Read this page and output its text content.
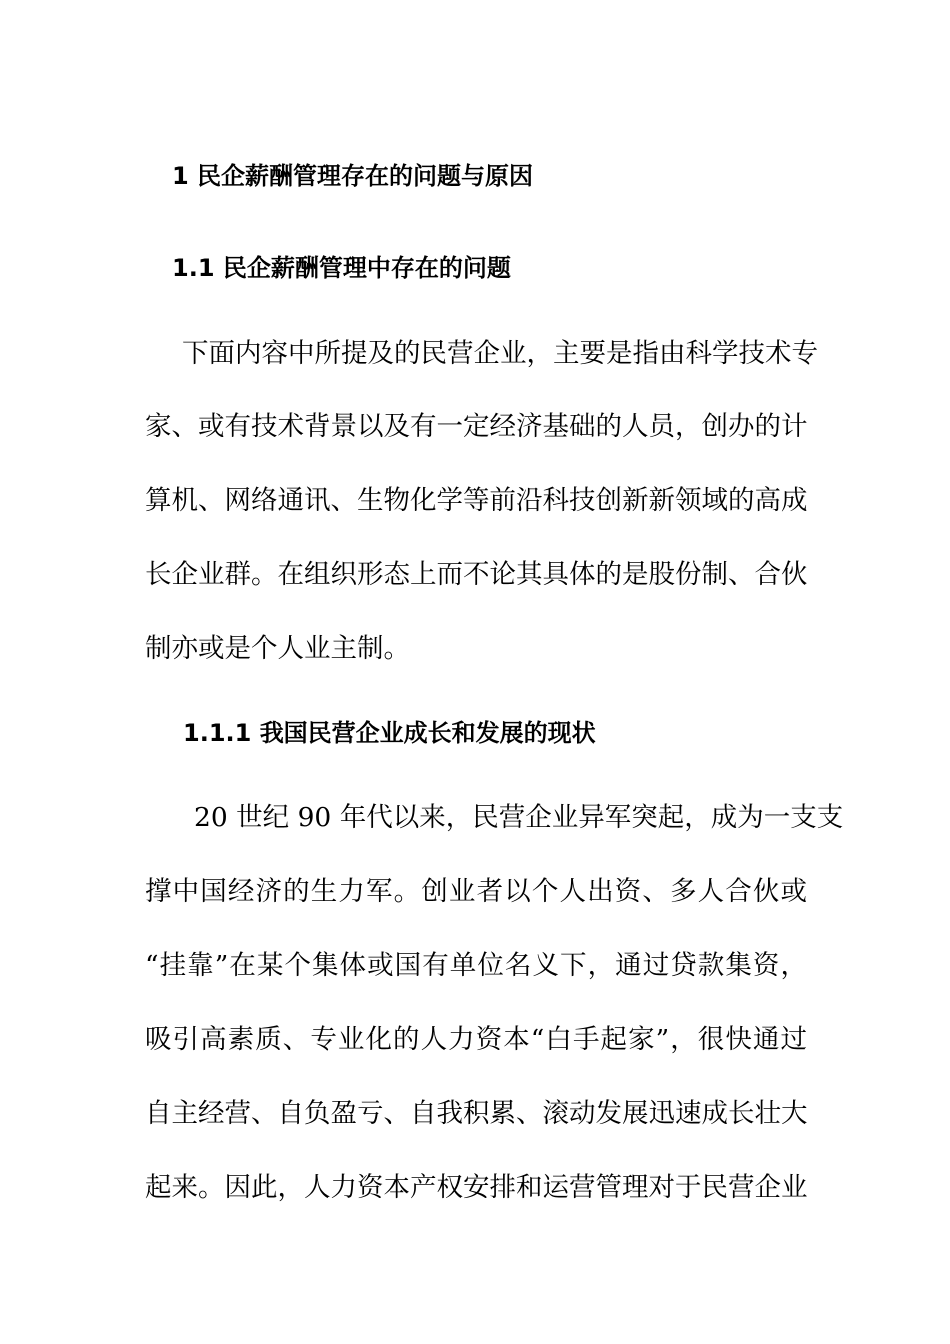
1 民企薪酬管理存在的问题与原因
1.1 民企薪酬管理中存在的问题
下面内容中所提及的民营企业，主要是指由科学技术专
家、或有技术背景以及有一定经济基础的人员，创办的计
算机、网络通讯、生物化学等前沿科技创新新领域的高成
长企业群。在组织形态上而不论其具体的是股份制、合伙
制亦或是个人业主制。
1.1.1 我国民营企业成长和发展的现状
20 世纪 90 年代以来，民营企业异军突起，成为一支支
撑中国经济的生力军。创业者以个人出资、多人合伙或
“挂靠”在某个集体或国有单位名义下，通过贷款集资，
吸引高素质、专业化的人力资本“白手起家”，很快通过
自主经营、自负盈亏、自我积累、滚动发展迅速成长壮大
起来。因此，人力资本产权安排和运营管理对于民营企业
